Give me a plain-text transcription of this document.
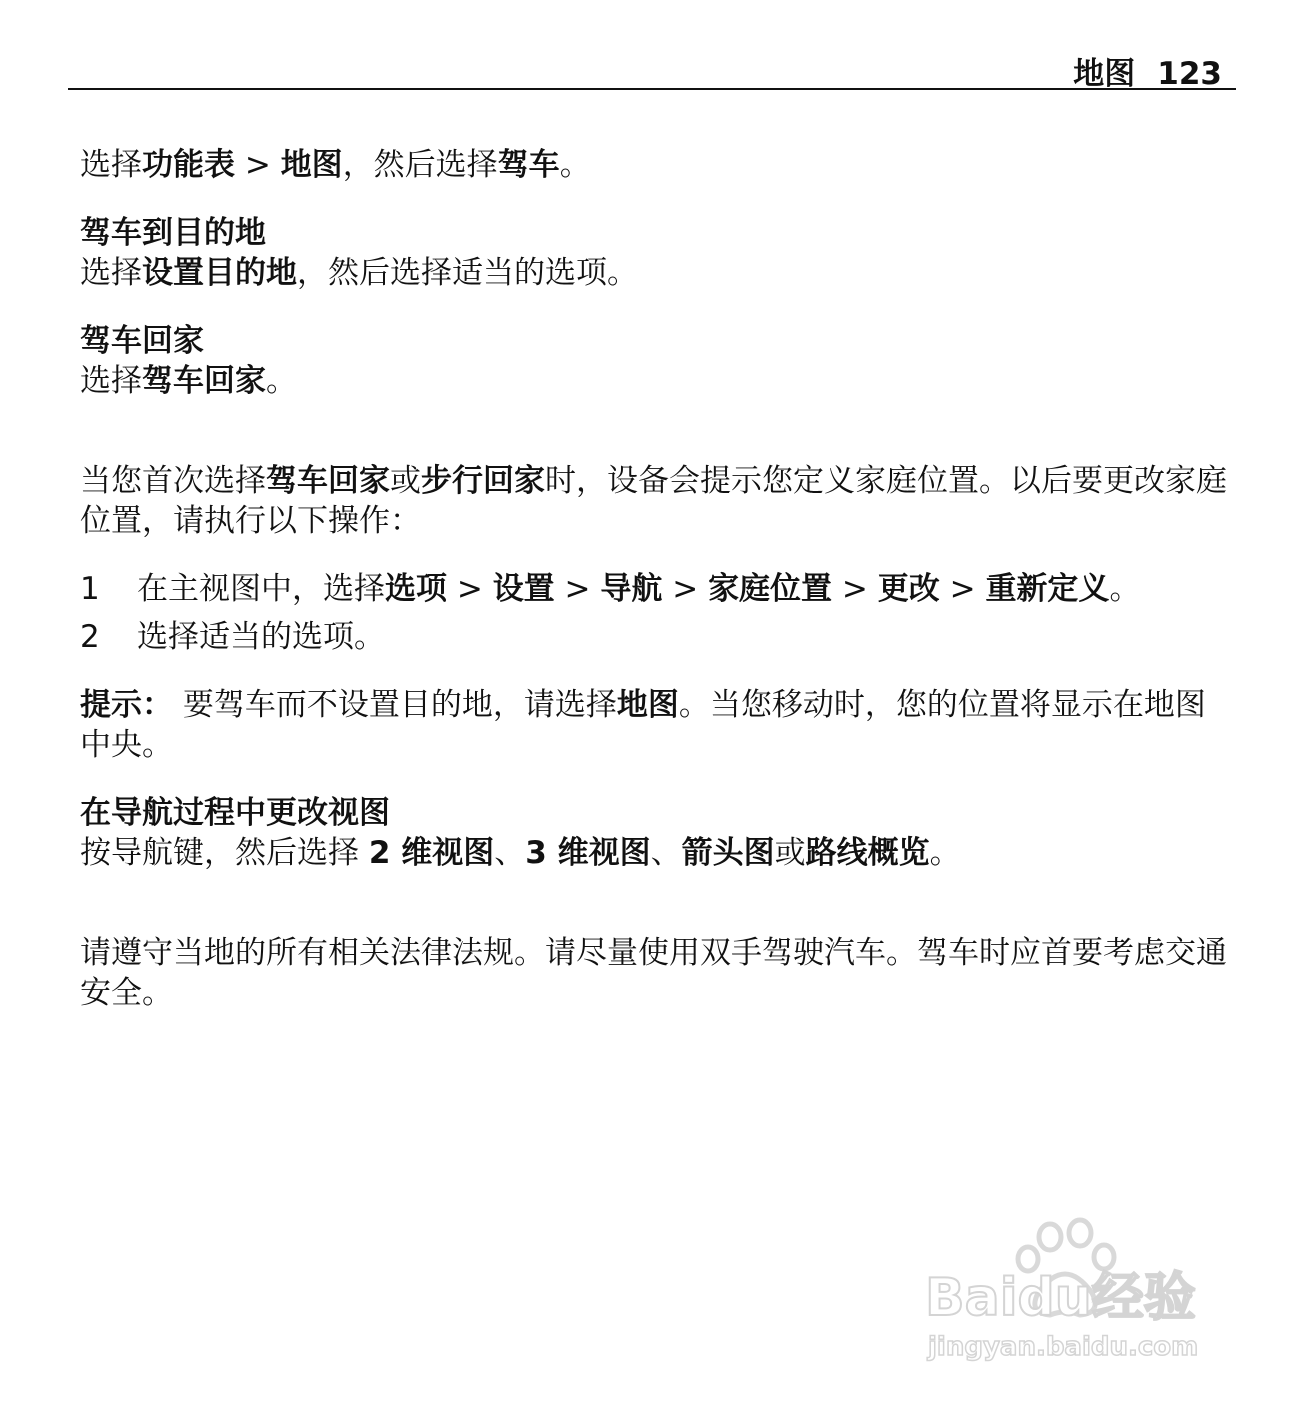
地图 123

选择功能表 > 地图，然后选择驾车。

驾车到目的地

选择设置目的地，然后选择适当的选项。

驾车回家

选择驾车回家。

当您首次选择驾车回家或步行回家时，设备会提示您定义家庭位置。以后要更改家庭位置，请执行以下操作：

1	在主视图中，选择选项 > 设置 > 导航 > 家庭位置 > 更改 > 重新定义。
2	选择适当的选项。

提示： 要驾车而不设置目的地，请选择地图。当您移动时，您的位置将显示在地图中央。

在导航过程中更改视图

按导航键，然后选择 2 维视图、3 维视图、箭头图或路线概览。

请遵守当地的所有相关法律法规。请尽量使用双手驾驶汽车。驾车时应首要考虑交通安全。

Baidu经验
jingyan.baidu.com
